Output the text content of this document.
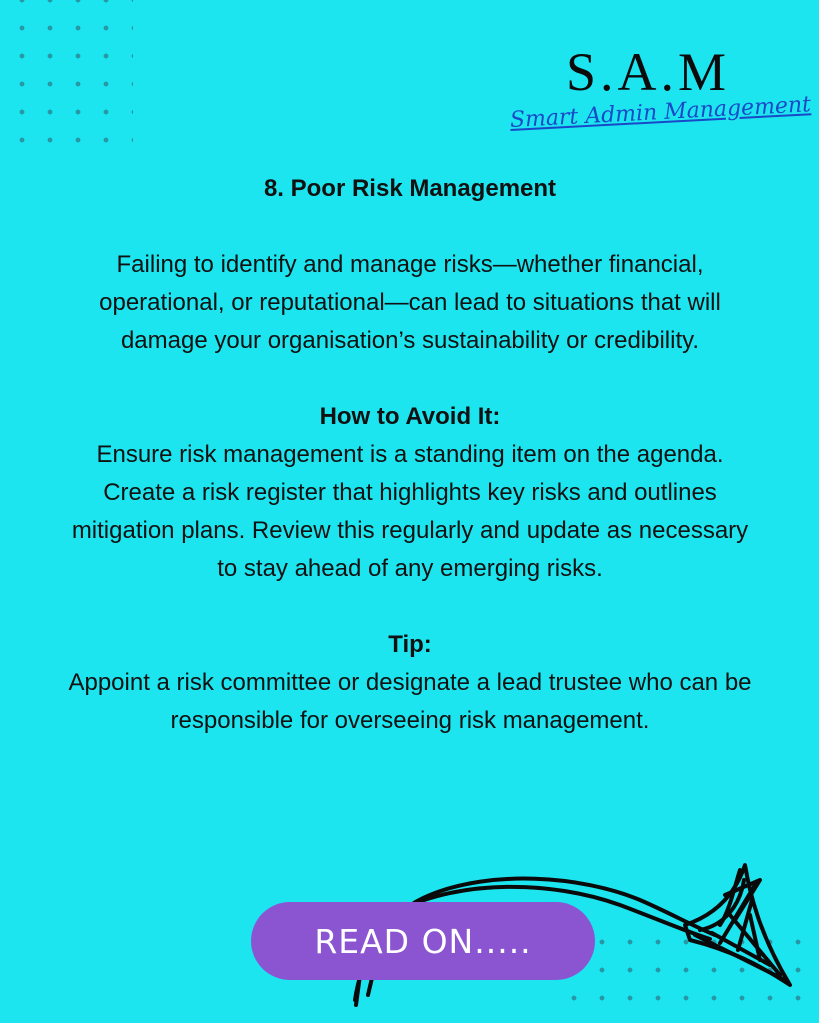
S.A.M
Smart Admin Management

8. Poor Risk Management

Failing to identify and manage risks—whether financial, operational, or reputational—can lead to situations that will damage your organisation’s sustainability or credibility.

How to Avoid It:

Ensure risk management is a standing item on the agenda. Create a risk register that highlights key risks and outlines mitigation plans. Review this regularly and update as necessary to stay ahead of any emerging risks.

Tip:

Appoint a risk committee or designate a lead trustee who can be responsible for overseeing risk management.

READ ON.....
